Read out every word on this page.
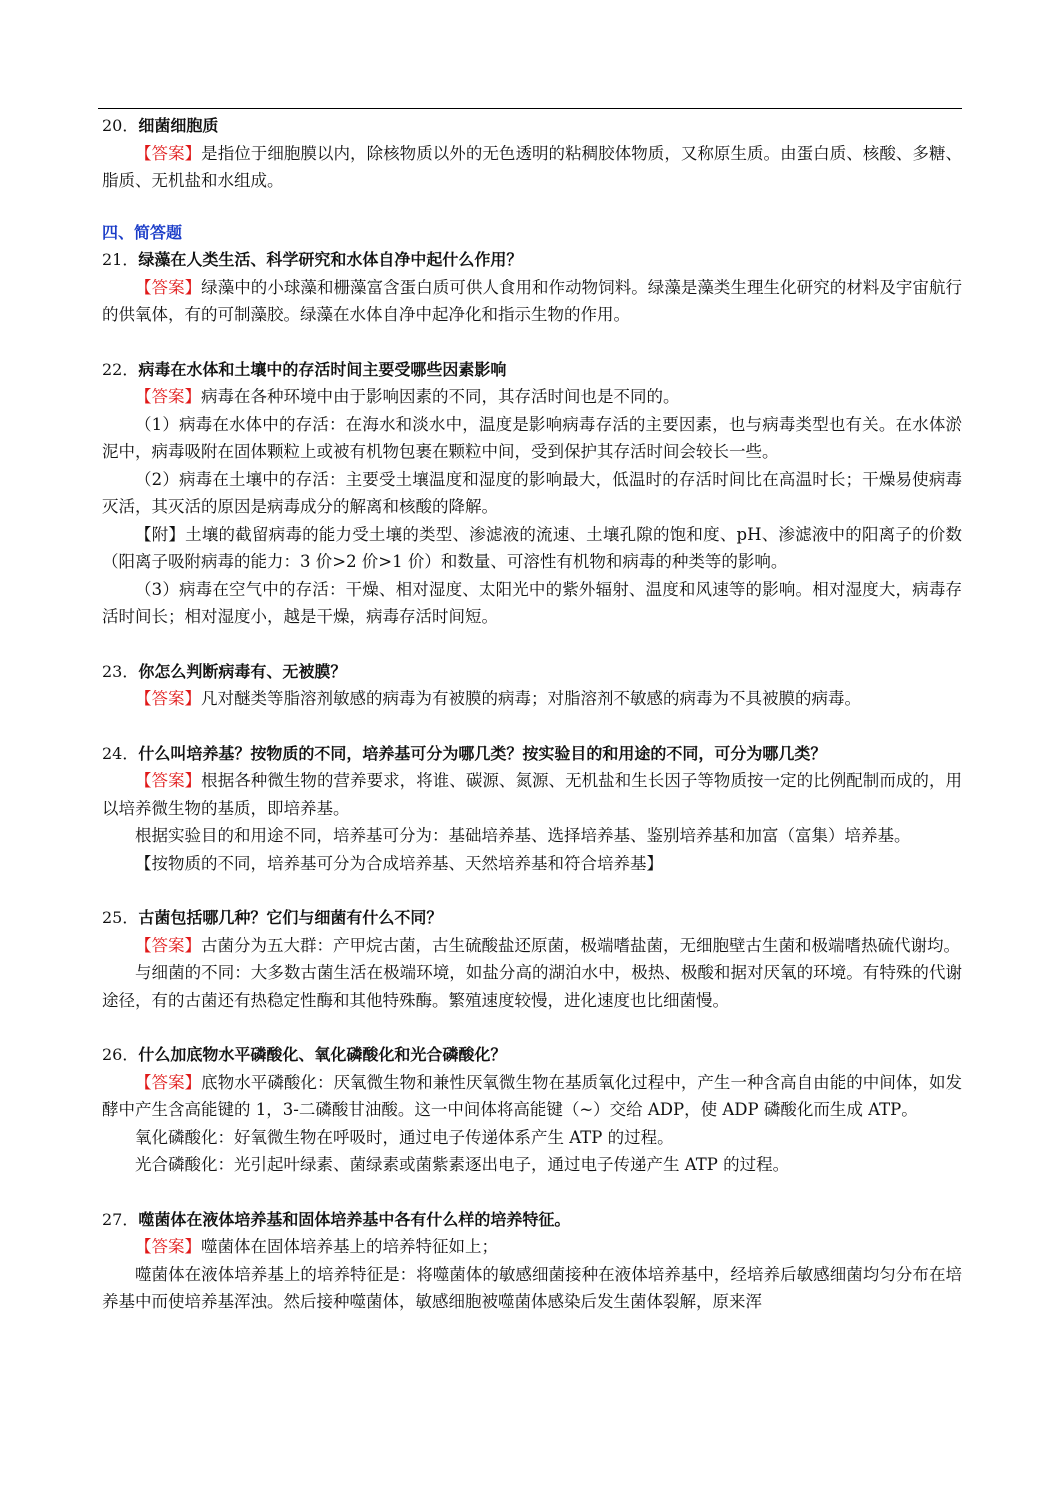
20．细菌细胞质

【答案】是指位于细胞膜以内，除核物质以外的无色透明的粘稠胶体物质，又称原生质。由蛋白质、核酸、多糖、脂质、无机盐和水组成。

四、简答题
21．绿藻在人类生活、科学研究和水体自净中起什么作用？

【答案】绿藻中的小球藻和栅藻富含蛋白质可供人食用和作动物饲料。绿藻是藻类生理生化研究的材料及宇宙航行的供氧体，有的可制藻胶。绿藻在水体自净中起净化和指示生物的作用。

22．病毒在水体和土壤中的存活时间主要受哪些因素影响

【答案】病毒在各种环境中由于影响因素的不同，其存活时间也是不同的。

（1）病毒在水体中的存活：在海水和淡水中，温度是影响病毒存活的主要因素，也与病毒类型也有关。在水体淤泥中，病毒吸附在固体颗粒上或被有机物包裹在颗粒中间，受到保护其存活时间会较长一些。

（2）病毒在土壤中的存活：主要受土壤温度和湿度的影响最大，低温时的存活时间比在高温时长；干燥易使病毒灭活，其灭活的原因是病毒成分的解离和核酸的降解。

【附】土壤的截留病毒的能力受土壤的类型、渗滤液的流速、土壤孔隙的饱和度、pH、渗滤液中的阳离子的价数（阳离子吸附病毒的能力：3 价>2 价>1 价）和数量、可溶性有机物和病毒的种类等的影响。

（3）病毒在空气中的存活：干燥、相对湿度、太阳光中的紫外辐射、温度和风速等的影响。相对湿度大，病毒存活时间长；相对湿度小，越是干燥，病毒存活时间短。

23．你怎么判断病毒有、无被膜？

【答案】凡对醚类等脂溶剂敏感的病毒为有被膜的病毒；对脂溶剂不敏感的病毒为不具被膜的病毒。

24．什么叫培养基？按物质的不同，培养基可分为哪几类？按实验目的和用途的不同，可分为哪几类？

【答案】根据各种微生物的营养要求，将谁、碳源、氮源、无机盐和生长因子等物质按一定的比例配制而成的，用以培养微生物的基质，即培养基。

根据实验目的和用途不同，培养基可分为：基础培养基、选择培养基、鉴别培养基和加富（富集）培养基。

【按物质的不同，培养基可分为合成培养基、天然培养基和符合培养基】

25．古菌包括哪几种？它们与细菌有什么不同？

【答案】古菌分为五大群：产甲烷古菌，古生硫酸盐还原菌，极端嗜盐菌，无细胞壁古生菌和极端嗜热硫代谢均。

与细菌的不同：大多数古菌生活在极端环境，如盐分高的湖泊水中，极热、极酸和据对厌氧的环境。有特殊的代谢途径，有的古菌还有热稳定性酶和其他特殊酶。繁殖速度较慢，进化速度也比细菌慢。

26．什么加底物水平磷酸化、氧化磷酸化和光合磷酸化？

【答案】底物水平磷酸化：厌氧微生物和兼性厌氧微生物在基质氧化过程中，产生一种含高自由能的中间体，如发酵中产生含高能键的 1，3-二磷酸甘油酸。这一中间体将高能键（~）交给 ADP，使 ADP 磷酸化而生成 ATP。

氧化磷酸化：好氧微生物在呼吸时，通过电子传递体系产生 ATP 的过程。

光合磷酸化：光引起叶绿素、菌绿素或菌紫素逐出电子，通过电子传递产生 ATP 的过程。

27．噬菌体在液体培养基和固体培养基中各有什么样的培养特征。

【答案】噬菌体在固体培养基上的培养特征如上；

噬菌体在液体培养基上的培养特征是：将噬菌体的敏感细菌接种在液体培养基中，经培养后敏感细菌均匀分布在培养基中而使培养基浑浊。然后接种噬菌体，敏感细胞被噬菌体感染后发生菌体裂解，原来浑
